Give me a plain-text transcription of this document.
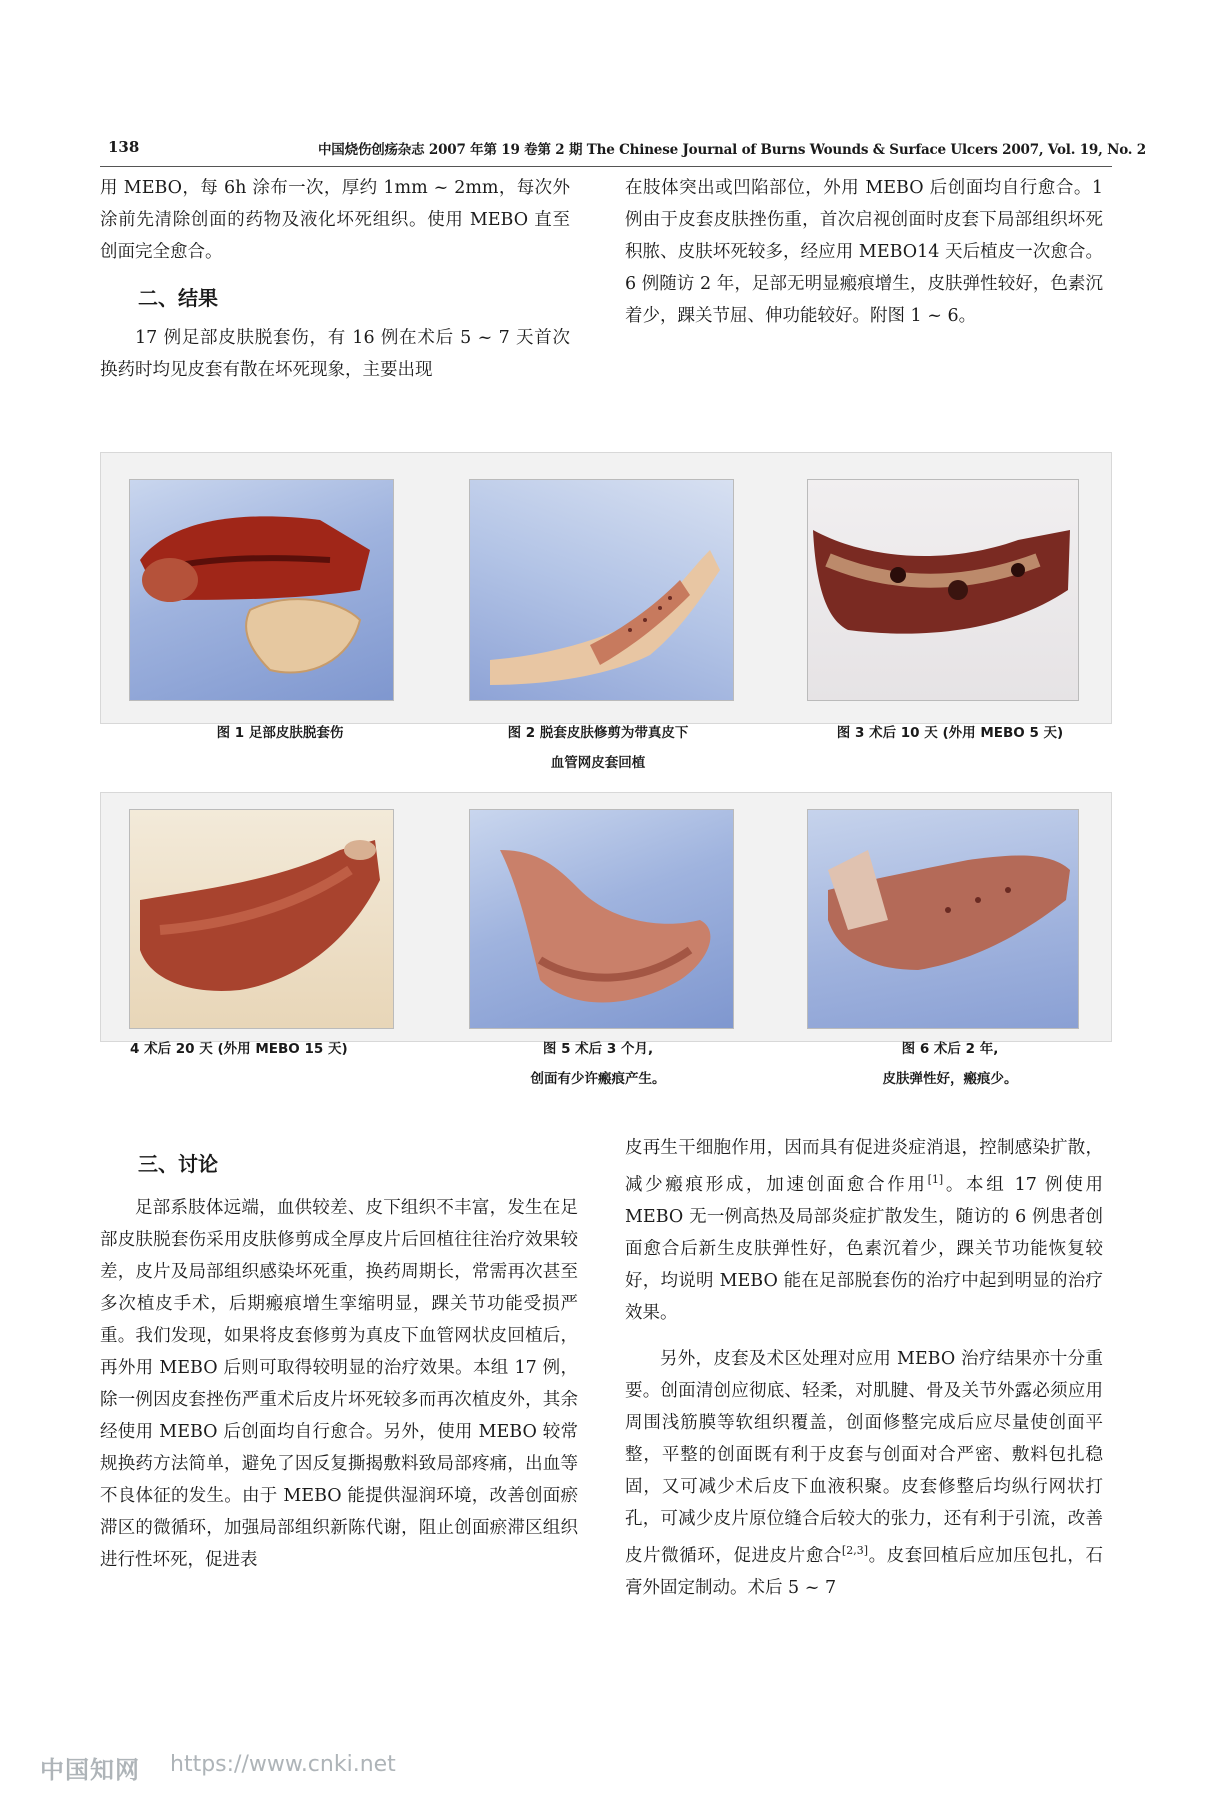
138	中国烧伤创疡杂志 2007 年第 19 卷第 2 期 The Chinese Journal of Burns Wounds & Surface Ulcers 2007, Vol. 19, No. 2

用 MEBO，每 6h 涂布一次，厚约 1mm ~ 2mm，每次外涂前先清除创面的药物及液化坏死组织。使用 MEBO 直至创面完全愈合。

二、结果

17 例足部皮肤脱套伤，有 16 例在术后 5 ~ 7 天首次换药时均见皮套有散在坏死现象，主要出现

在肢体突出或凹陷部位，外用 MEBO 后创面均自行愈合。1 例由于皮套皮肤挫伤重，首次启视创面时皮套下局部组织坏死积脓、皮肤坏死较多，经应用 MEBO14 天后植皮一次愈合。6 例随访 2 年，足部无明显瘢痕增生，皮肤弹性较好，色素沉着少，踝关节屈、伸功能较好。附图 1 ~ 6。

图 1 足部皮肤脱套伤	图 2 脱套皮肤修剪为带真皮下
血管网皮套回植
图 3 术后 10 天 (外用 MEBO 5 天)
4 术后 20 天 (外用 MEBO 15 天)	图 5 术后 3 个月,
创面有少许瘢痕产生。
图 6 术后 2 年,
皮肤弹性好，瘢痕少。

三、讨论

足部系肢体远端，血供较差、皮下组织不丰富，发生在足部皮肤脱套伤采用皮肤修剪成全厚皮片后回植往往治疗效果较差，皮片及局部组织感染坏死重，换药周期长，常需再次甚至多次植皮手术，后期瘢痕增生挛缩明显，踝关节功能受损严重。我们发现，如果将皮套修剪为真皮下血管网状皮回植后，再外用 MEBO 后则可取得较明显的治疗效果。本组 17 例，除一例因皮套挫伤严重术后皮片坏死较多而再次植皮外，其余经使用 MEBO 后创面均自行愈合。另外，使用 MEBO 较常规换药方法简单，避免了因反复撕揭敷料致局部疼痛，出血等不良体征的发生。由于 MEBO 能提供湿润环境，改善创面瘀滞区的微循环，加强局部组织新陈代谢，阻止创面瘀滞区组织进行性坏死，促进表

皮再生干细胞作用，因而具有促进炎症消退，控制感染扩散，减少瘢痕形成，加速创面愈合作用[1]。本组 17 例使用 MEBO 无一例高热及局部炎症扩散发生，随访的 6 例患者创面愈合后新生皮肤弹性好，色素沉着少，踝关节功能恢复较好，均说明 MEBO 能在足部脱套伤的治疗中起到明显的治疗效果。

另外，皮套及术区处理对应用 MEBO 治疗结果亦十分重要。创面清创应彻底、轻柔，对肌腱、骨及关节外露必须应用周围浅筋膜等软组织覆盖，创面修整完成后应尽量使创面平整，平整的创面既有利于皮套与创面对合严密、敷料包扎稳固，又可减少术后皮下血液积聚。皮套修整后均纵行网状打孔，可减少皮片原位缝合后较大的张力，还有利于引流，改善皮片微循环，促进皮片愈合[2,3]。皮套回植后应加压包扎，石膏外固定制动。术后 5 ~ 7

中国知网 https://www.cnki.net
